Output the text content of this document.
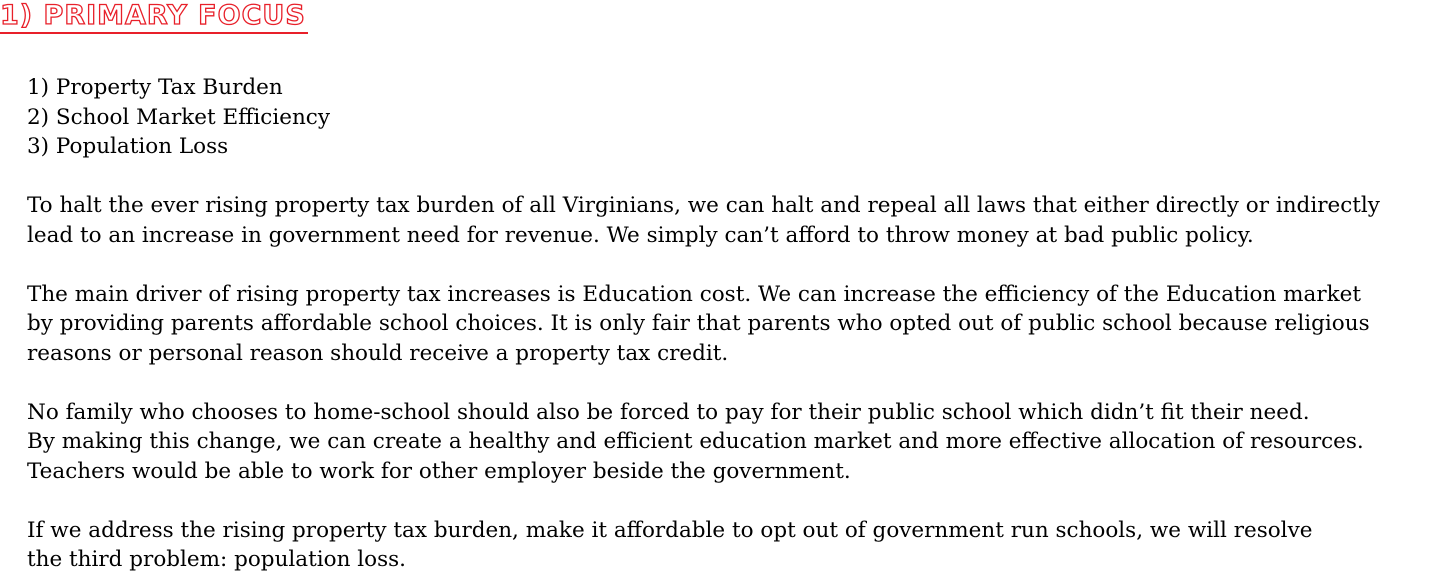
1) PRIMARY FOCUS
1) Property Tax Burden
2) School Market Efficiency
3) Population Loss
To halt the ever rising property tax burden of all Virginians, we can halt and repeal all laws that either directly or indirectly
lead to an increase in government need for revenue. We simply can’t afford to throw money at bad public policy.
The main driver of rising property tax increases is Education cost. We can increase the efficiency of the Education market
by providing parents affordable school choices. It is only fair that parents who opted out of public school because religious
reasons or personal reason should receive a property tax credit.
No family who chooses to home-school should also be forced to pay for their public school which didn’t fit their need.
By making this change, we can create a healthy and efficient education market and more effective allocation of resources.
Teachers would be able to work for other employer beside the government.
If we address the rising property tax burden, make it affordable to opt out of government run schools, we will resolve
the third problem: population loss.
